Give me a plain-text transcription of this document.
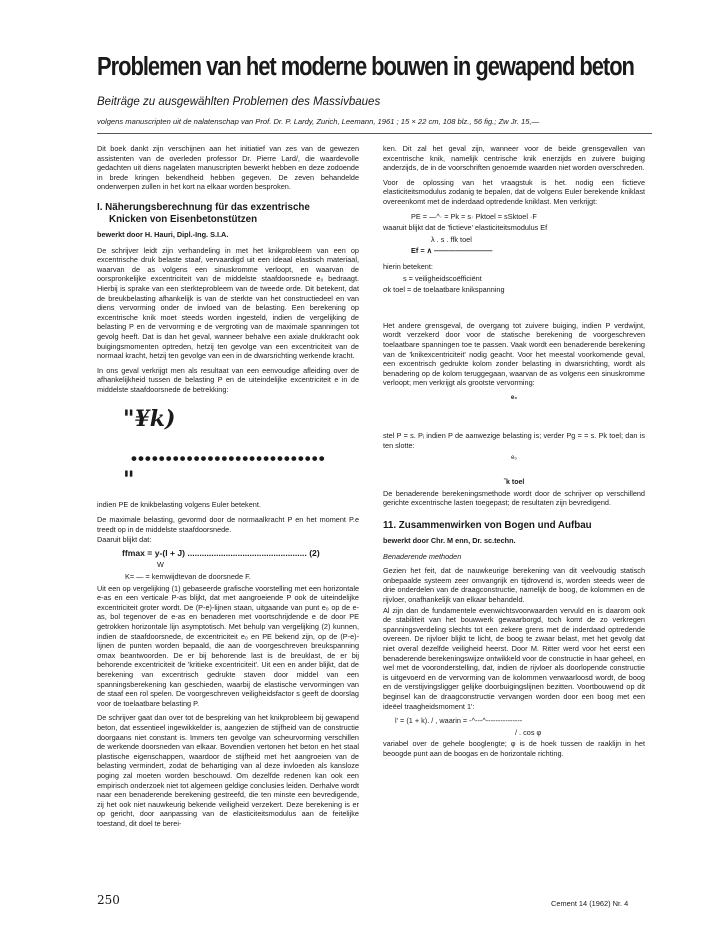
Problemen van het moderne bouwen in gewapend beton
Beiträge zu ausgewählten Problemen des Massivbaues
volgens manuscripten uit de nalatenschap van Prof. Dr. P. Lardy, Zurich, Leemann, 1961 ; 15 × 22 cm, 108 blz., 56 fig.; Zw Jr. 15,—

Dit boek dankt zijn verschijnen aan het initiatief van zes van de gewezen assistenten van de overleden professor Dr. Pierre Lard/, die waardevolle gedachten uit diens nagelaten manuscripten bewerkt hebben en deze zodoende in brede kringen bekendheid hebben gegeven. De zeven behandelde onderwerpen zullen in het kort na elkaar worden besproken.

I. Näherungsberechnung für das exzentrische
Knicken von Eisenbetonstützen
bewerkt door H. Hauri, Dipl.-Ing. S.I.A.

De schrijver leidt zijn verhandeling in met het knikprobleem van een op excentrische druk belaste staaf, vervaardigd uit een ideaal elastisch materiaal, waarvan de as volgens een sinuskromme verloopt, en waarvan de oorspronkelijke excentriciteit van de middelste staafdoorsnede e₀ bedraagt. Hierbij is sprake van een sterkteprobleem van de tweede orde. Dit betekent, dat de breukbelasting afhankelijk is van de sterkte van het constructiedeel en van diens vervorming onder de invloed van de belasting. Een berekening op excentrische knik moet steeds worden ingesteld, indien de vergelijking de belasting P en de vervorming e de vergroting van de maximale spanningen tot gevolg heeft. Dat is dan het geval, wanneer behalve een axiale drukkracht ook buigingsmomenten optreden, hetzij ten gevolge van een excentriciteit van de normaal kracht, hetzij ten gevolge van een in de dwarsrichting werkende kracht.

In ons geval verkrijgt men als resultaat van een eenvoudige afleiding over de afhankelijkheid tussen de belasting P en de uiteindelijke excentriciteit e in de middelste staafdoorsnede de betrekking:

"¥k)
••••••••••••••••••••••••••••
"

indien PE de knikbelasting volgens Euler betekent.

De maximale belasting, gevormd door de normaalkracht P en het moment P.e treedt op in de middelste staafdoorsnede.

Daaruit blijkt dat:

ffmax = y-(l + J) .................................................. (2)
W
K= — = kernwijdtevan de doorsnede F.

Uit een op vergelijking (1) gebaseerde grafische voorstelling met een horizontale e-as en een verticale P-as blijkt, dat met aangroeiende P ook de uiteindelijke excentriciteit groter wordt. De (P-e)-lijnen staan, uitgaande van punt e₀ op de e-as, bol tegenover de e-as en benaderen met voortschrijdende e de door PE getrokken horizontale lijn asymptotisch. Met behulp van vergelijking (2) kunnen, indien de staafdoorsnede, de excentriciteit e₀ en PE bekend zijn, op de (P-e)-lijnen de punten worden bepaald, die aan de voorgeschreven breukspanning σmax beantwoorden. De er bij behorende last is de breuklast, de er bij behorende excentriciteit de 'kritieke excentriciteit'. Uit een en ander blijkt, dat de berekening van excentrisch gedrukte staven door middel van een spanningsberekening kan geschieden, waarbij de elastische vervormingen van de staaf een rol spelen. De voorgeschreven veiligheidsfactor s geeft de doorslag voor de toelaatbare belasting P.

De schrijver gaat dan over tot de bespreking van het knikprobleem bij gewapend beton, dat essentieel ingewikkelder is, aangezien de stijfheid van de constructie doorgaans niet constant is. Immers ten gevolge van scheurvorming verschillen de werkende doorsneden van elkaar. Bovendien vertonen het beton en het staal plastische eigenschappen, waardoor de stijfheid met het aangroeien van de belasting vermindert, zodat de behartiging van al deze invloeden als kansloze poging zal moeten worden beschouwd. Om dezelfde redenen kan ook een empirisch onderzoek niet tot algemeen geldige conclusies leiden. Derhalve wordt naar een benaderende berekening gestreefd, die ten minste een bevredigende, zij het ook niet nauwkeurig bekende veiligheid verzekert. Deze berekening is er op gericht, door aanpassing van de elasticiteitsmodulus aan de feitelijke toestand, dit doel te berei-

ken. Dit zal het geval zijn, wanneer voor de beide grensgevallen van excentrische knik, namelijk centrische knik enerzijds en zuivere buiging anderzijds, de in de voorschriften genoemde waarden niet worden overschreden.

Voor de oplossing van het vraagstuk is het. nodig een fictieve elasticiteitsmodulus zodanig te bepalen, dat de volgens Euler berekende kniklast overeenkomt met de inderdaad optredende kniklast. Men verkrijgt:

PE = —^· = Pk = s· Pktoel = sSktoel ·F
waaruit blijkt dat de 'fictieve' elasticiteitsmodulus Ef
λ . s . ffk toel
Ef = ∧ ————————
hierin betekent:
s = veiligheidscoëfficiënt
σk toel = de toelaatbare knikspanning

Het andere grensgeval, de overgang tot zuivere buiging, indien P verdwijnt, wordt verzekerd door voor de statische berekening de voorgeschreven toelaatbare spanningen toe te passen. Vaak wordt een benaderende berekening van de 'knikexcentriciteit' nodig geacht. Voor het meestal voorkomende geval, een excentrisch gedrukte kolom zonder belasting in dwarsrichting, wordt als benadering op de kolom teruggegaan, waarvan de as volgens een sinuskromme verloopt; men verkrijgt als grootste vervorming:

e₀

stel P = s. Pᵢ indien P de aanwezige belasting is; verder Pg = = s. Pk toel; dan is ten slotte:

e₀
ˆk toel

De benaderende berekeningsmethode wordt door de schrijver op verschillend gerichte excentrische lasten toegepast; de resultaten zijn bevredigend.

11. Zusammenwirken von Bogen und Aufbau
bewerkt door Chr. M enn, Dr. sc.techn.
Benaderende methoden

Gezien het feit, dat de nauwkeurige berekening van dit veelvoudig statisch onbepaalde systeem zeer omvangrijk en tijdrovend is, worden steeds weer de drie onderdelen van de draagconstructie, namelijk de boog, de kolommen en de rijvloer, onafhankelijk van elkaar behandeld.

Al zijn dan de fundamentele evenwichtsvoorwaarden vervuld en is daarom ook de stabiliteit van het bouwwerk gewaarborgd, toch komt de zo verkregen spanningsverdeling slechts tot een zekere grens met de inderdaad optredende overeen. De rijvloer blijkt te licht, de boog te zwaar belast, met het gevolg dat niet overal dezelfde veiligheid heerst. Door M. Ritter werd voor het eerst een benaderende berekeningswijze ontwikkeld voor de constructie in haar geheel, en wel met de vooronderstelling, dat, indien de rijvloer als doorlopende constructie is uitgevoerd en de vervorming van de kolommen verwaarloosd wordt, de boog en de verstijvingsligger gelijke doorbuigingslijnen bezitten. Voortbouwend op dit beginsel kan de draagconstructie vervangen worden door een boog met een ideëel traagheidsmoment 1':

l' = (1 + k). / , waarin = -^---^---------------
/ . cos φ

variabel over de gehele booglengte; φ is de hoek tussen de raaklijn in het beoogde punt aan de boogas en de horizontale richting.

250	Cement 14 (1962) Nr. 4
